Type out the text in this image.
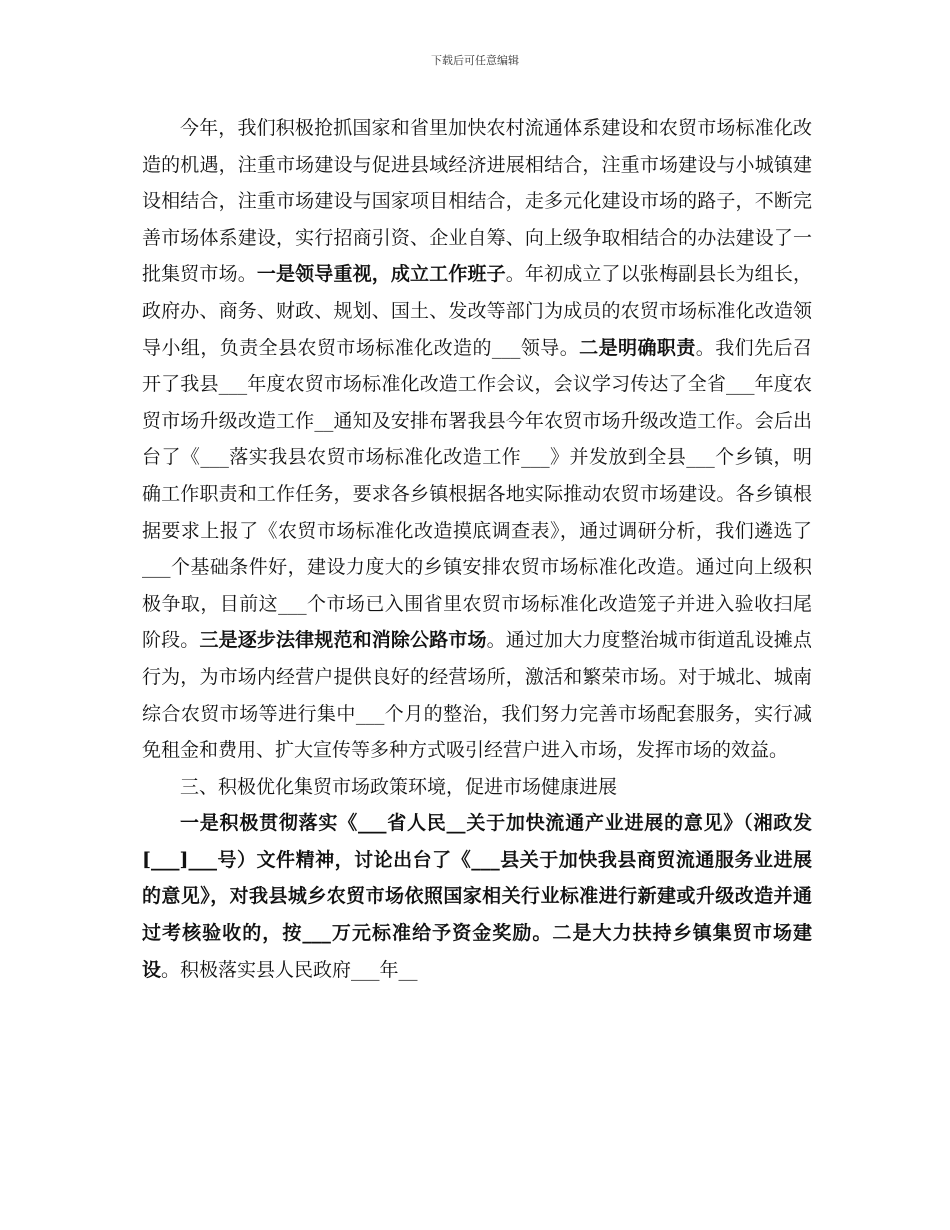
下载后可任意编辑

今年，我们积极抢抓国家和省里加快农村流通体系建设和农贸市场标准化改造的机遇，注重市场建设与促进县域经济进展相结合，注重市场建设与小城镇建设相结合，注重市场建设与国家项目相结合，走多元化建设市场的路子，不断完善市场体系建设，实行招商引资、企业自筹、向上级争取相结合的办法建设了一批集贸市场。一是领导重视，成立工作班子。年初成立了以张梅副县长为组长，政府办、商务、财政、规划、国土、发改等部门为成员的农贸市场标准化改造领导小组，负责全县农贸市场标准化改造的___领导。二是明确职责。我们先后召开了我县___年度农贸市场标准化改造工作会议，会议学习传达了全省___年度农贸市场升级改造工作__通知及安排布署我县今年农贸市场升级改造工作。会后出台了《___落实我县农贸市场标准化改造工作___》并发放到全县___个乡镇，明确工作职责和工作任务，要求各乡镇根据各地实际推动农贸市场建设。各乡镇根据要求上报了《农贸市场标准化改造摸底调查表》，通过调研分析，我们遴选了___个基础条件好，建设力度大的乡镇安排农贸市场标准化改造。通过向上级积极争取，目前这___个市场已入围省里农贸市场标准化改造笼子并进入验收扫尾阶段。三是逐步法律规范和消除公路市场。通过加大力度整治城市街道乱设摊点行为，为市场内经营户提供良好的经营场所，激活和繁荣市场。对于城北、城南综合农贸市场等进行集中___个月的整治，我们努力完善市场配套服务，实行减免租金和费用、扩大宣传等多种方式吸引经营户进入市场，发挥市场的效益。

三、积极优化集贸市场政策环境，促进市场健康进展

一是积极贯彻落实《___省人民__关于加快流通产业进展的意见》（湘政发[___]___号）文件精神，讨论出台了《___县关于加快我县商贸流通服务业进展的意见》，对我县城乡农贸市场依照国家相关行业标准进行新建或升级改造并通过考核验收的，按___万元标准给予资金奖励。二是大力扶持乡镇集贸市场建设。积极落实县人民政府___年__
